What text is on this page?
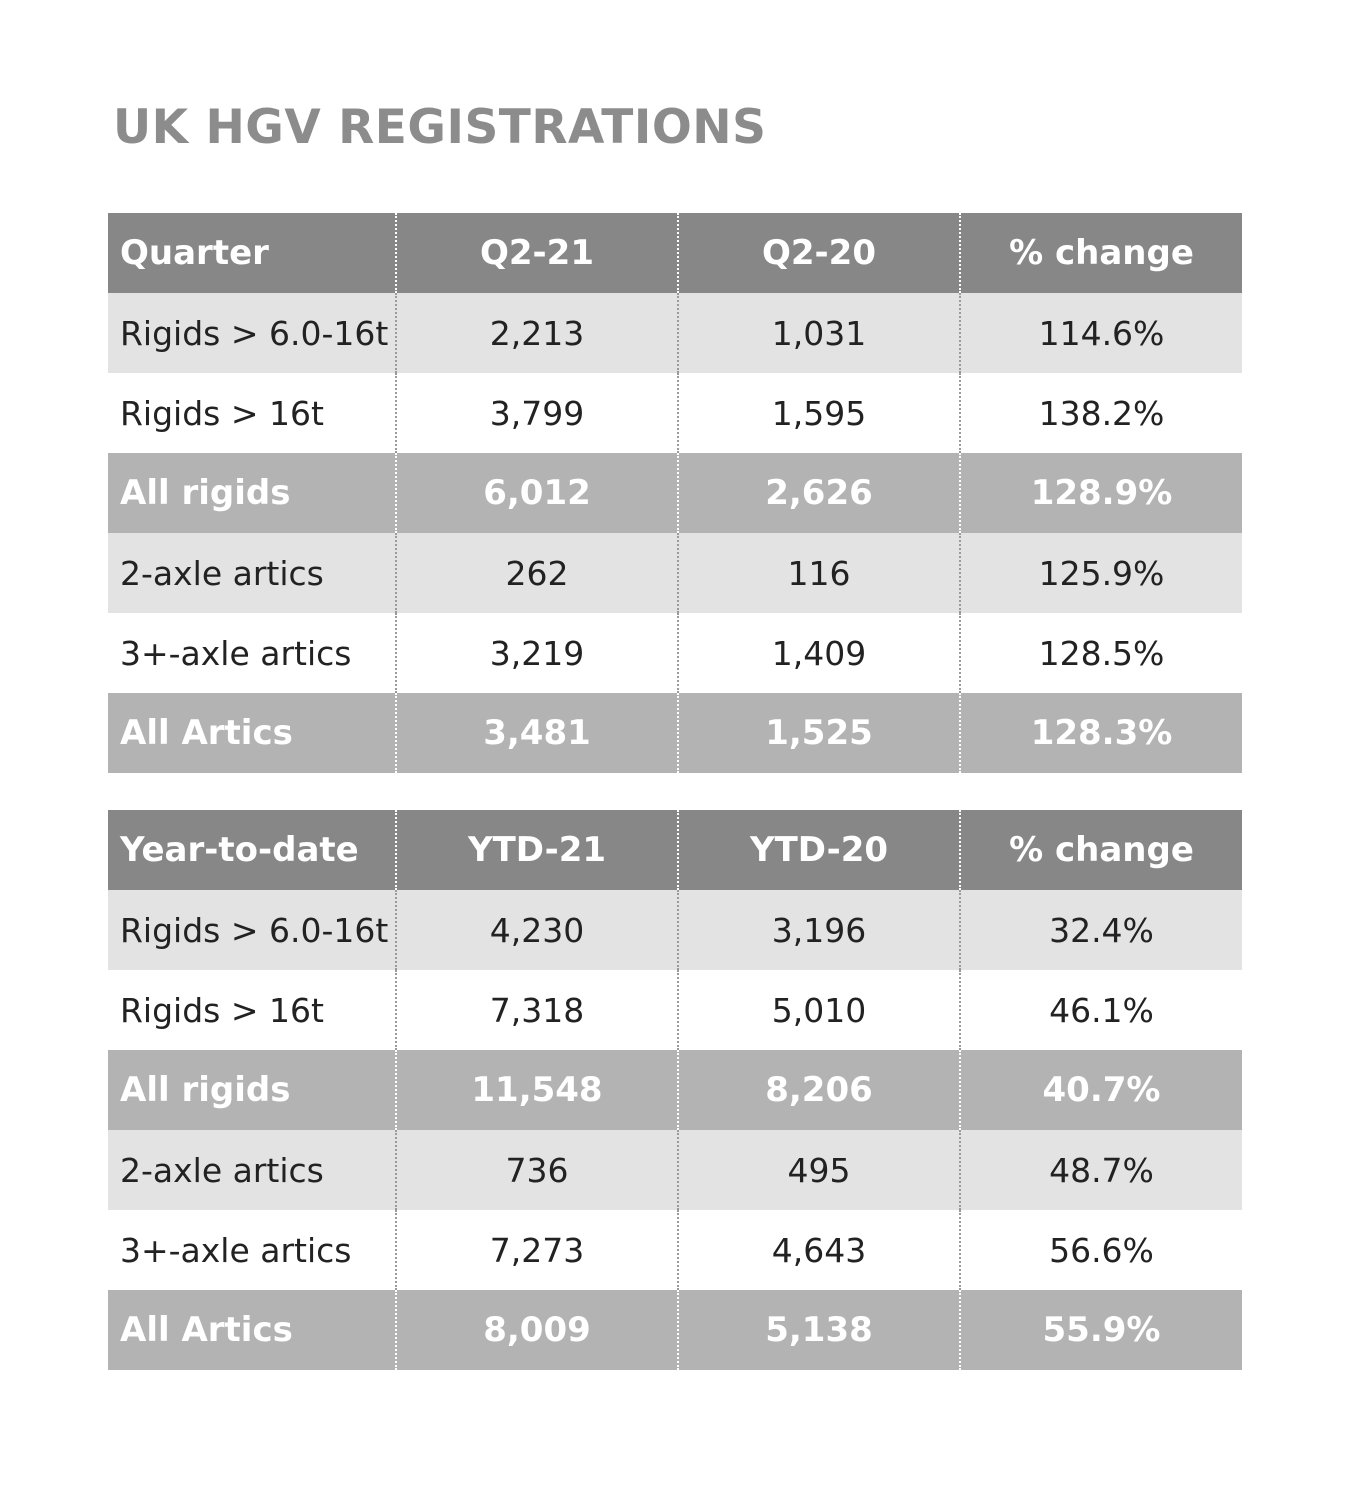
UK HGV REGISTRATIONS
Quarter	Q2-21	Q2-20	% change
Rigids > 6.0-16t	2,213	1,031	114.6%
Rigids > 16t	3,799	1,595	138.2%
All rigids	6,012	2,626	128.9%
2-axle artics	262	116	125.9%
3+-axle artics	3,219	1,409	128.5%
All Artics	3,481	1,525	128.3%
Year-to-date	YTD-21	YTD-20	% change
Rigids > 6.0-16t	4,230	3,196	32.4%
Rigids > 16t	7,318	5,010	46.1%
All rigids	11,548	8,206	40.7%
2-axle artics	736	495	48.7%
3+-axle artics	7,273	4,643	56.6%
All Artics	8,009	5,138	55.9%
